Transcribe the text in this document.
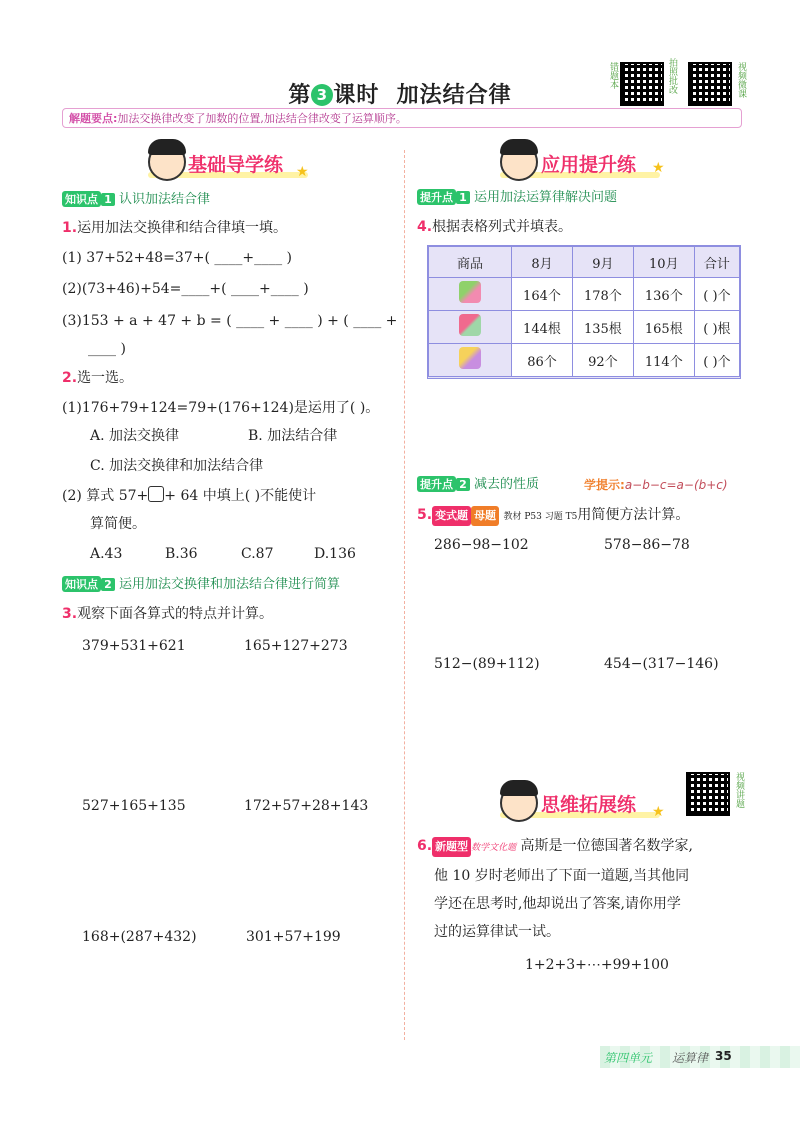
第 3 课时 加法结合律
错题本	拍照批改	视频微课
解题要点:加法交换律改变了加数的位置,加法结合律改变了运算顺序。
基础导学练 ★
知识点 1 认识加法结合律
1.运用加法交换律和结合律填一填。
(1) 37+52+48=37+( ____+____ )
(2)(73+46)+54=____+( ____+____ )
(3)153 + a + 47 + b = ( ____ + ____ ) + ( ____ +
____ )
2.选一选。
(1)176+79+124=79+(176+124)是运用了( )。
A. 加法交换律	B. 加法结合律
C. 加法交换律和加法结合律
(2) 算式 57+ + 64 中填上( )不能使计
算简便。
A.43	B.36	C.87	D.136
知识点 2 运用加法交换律和加法结合律进行简算
3.观察下面各算式的特点并计算。
379+531+621	165+127+273
527+165+135	172+57+28+143
168+(287+432)	301+57+199
应用提升练 ★
提升点 1 运用加法运算律解决问题
4.根据表格列式并填表。
商品	8月	9月	10月	合计
	164个	178个	136个	( )个
	144根	135根	165根	( )根
	86个	92个	114个	( )个
提升点 2 减去的性质	学提示:a−b−c=a−(b+c)
5. 变式题 母题 教材 P53 习题 T5用简便方法计算。
286−98−102	578−86−78
512−(89+112)	454−(317−146)
思维拓展练 ★
视频讲题
6. 新题型 数学文化题 高斯是一位德国著名数学家,
他 10 岁时老师出了下面一道题,当其他同
学还在思考时,他却说出了答案,请你用学
过的运算律试一试。
1+2+3+⋯+99+100
第四单元 运算律 35
